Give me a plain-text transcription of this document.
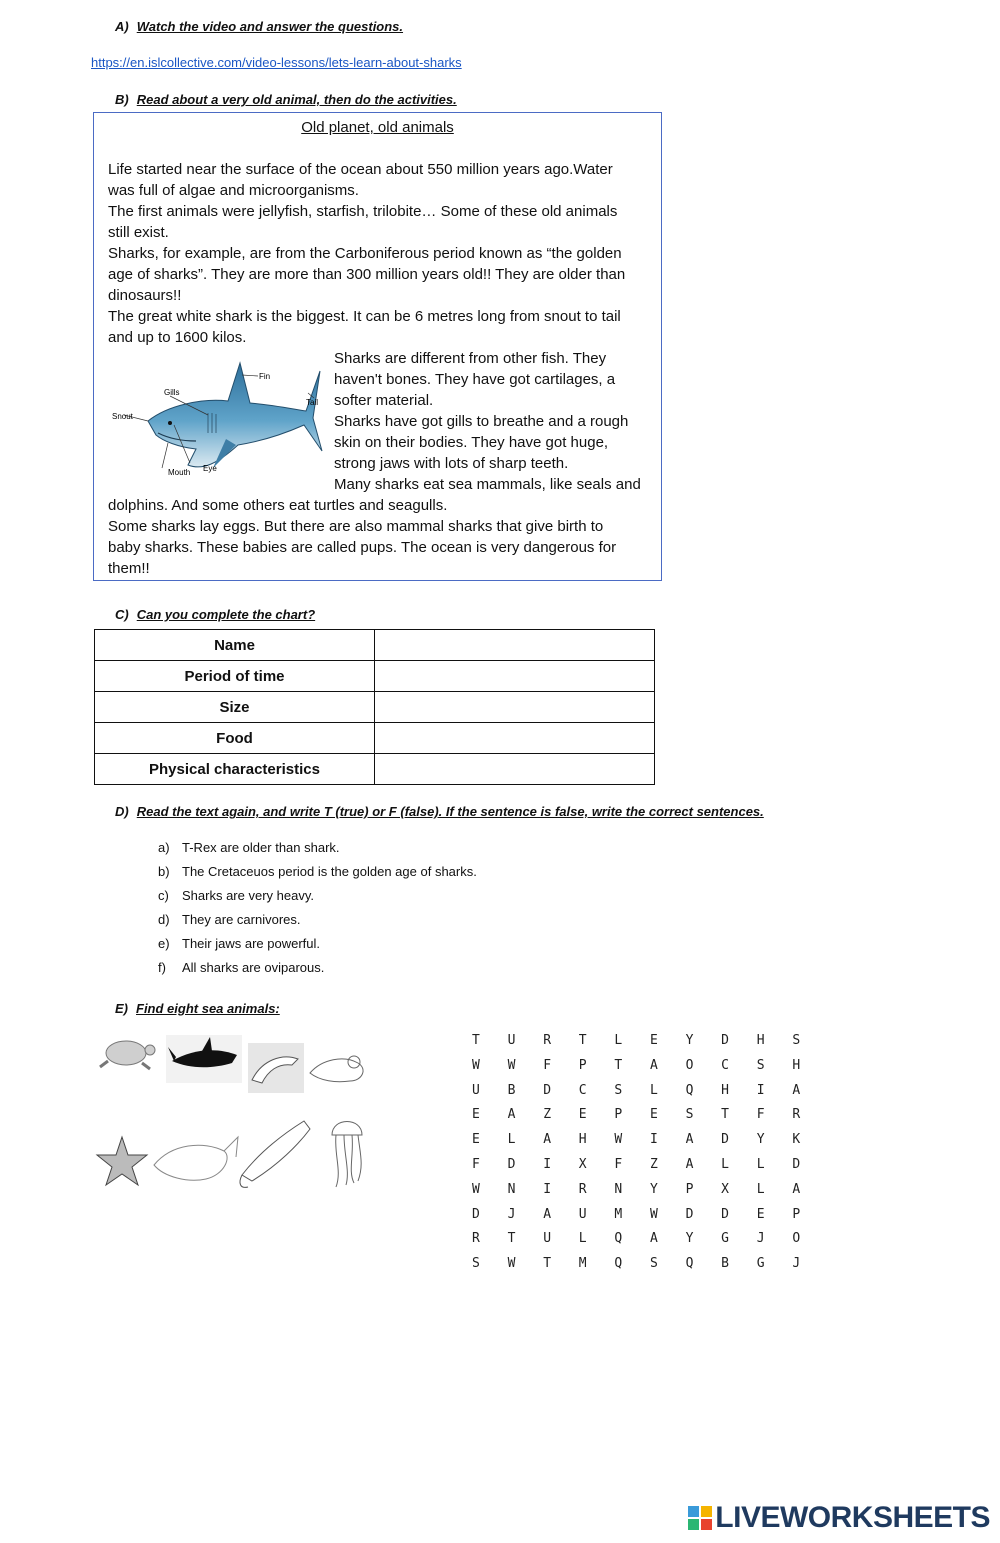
A) Watch the video and answer the questions.
https://en.islcollective.com/video-lessons/lets-learn-about-sharks
B) Read about a very old animal, then do the activities.
Old planet, old animals
Life started near the surface of the ocean about 550 million years ago.Water
was full of algae and microorganisms.
The first animals were jellyfish, starfish, trilobite… Some of these old animals
still exist.
Sharks, for example, are from the Carboniferous period known as “the golden
age of sharks”. They are more than 300 million years old!! They are older than
dinosaurs!!
The great white shark is the biggest. It can be 6 metres long from snout to tail
and up to 1600 kilos.
Fin
Gills
Snout
Tail
Mouth Eye
Sharks are different from other fish. They
haven't bones. They have got cartilages, a
softer material.
Sharks have got gills to breathe and a rough
skin on their bodies. They have got huge,
strong jaws with lots of sharp teeth.
Many sharks eat sea mammals, like seals and
dolphins. And some others eat turtles and seagulls.
Some sharks lay eggs. But there are also mammal sharks that give birth to
baby sharks. These babies are called pups. The ocean is very dangerous for
them!!
C) Can you complete the chart?
Name	
Period of time	
Size	
Food	
Physical characteristics	
D) Read the text again, and write T (true) or F (false). If the sentence is false, write the correct sentences.
a) T-Rex are older than shark.
b) The Cretaceuos period is the golden age of sharks.
c) Sharks are very heavy.
d) They are carnivores.
e) Their jaws are powerful.
f) All sharks are oviparous.
E) Find eight sea animals:
T U R T L E Y D H S
W W F P T A O C S H
U B D C S L Q H I A
E A Z E P E S T F R
E L A H W I A D Y K
F D I X F Z A L L D
W N I R N Y P X L A
D J A U M W D D E P
R T U L Q A Y G J O
S W T M Q S Q B G J
LIVEWORKSHEETS
